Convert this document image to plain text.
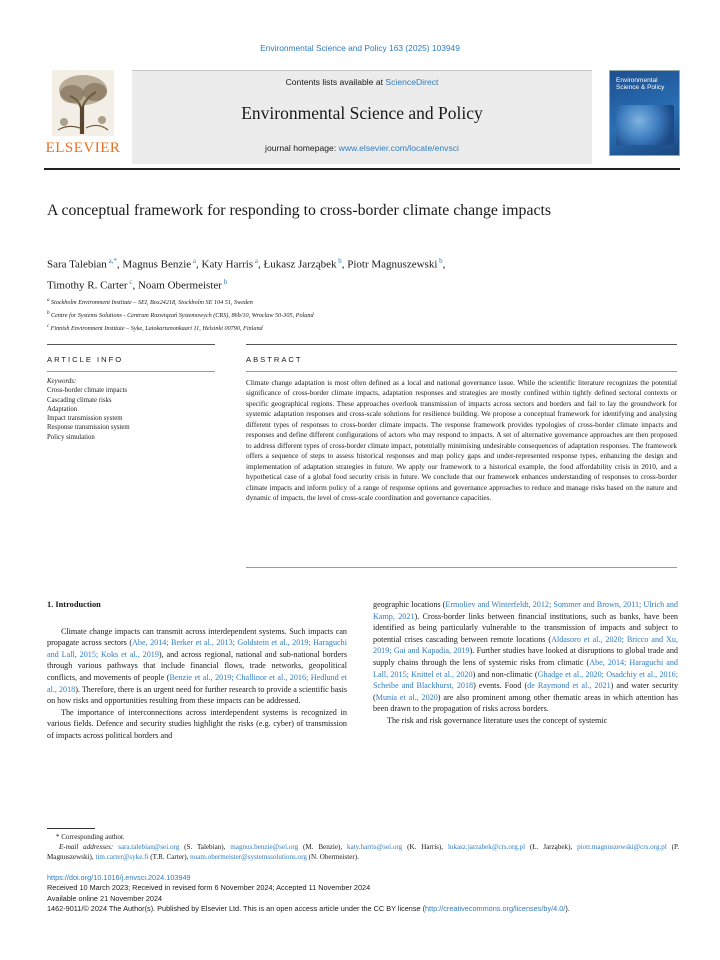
Environmental Science and Policy 163 (2025) 103949
ELSEVIER
Contents lists available at ScienceDirect
Environmental Science and Policy
journal homepage: www.elsevier.com/locate/envsci
Environmental Science & Policy
A conceptual framework for responding to cross-border climate change impacts
Sara Talebian $^{a,*}$, Magnus Benzie $^a$, Katy Harris $^a$, Łukasz Jarząbek $^b$, Piotr Magnuszewski $^b$,
Timothy R. Carter $^c$, Noam Obermeister $^b$
$^a$ Stockholm Environment Institute – SEI, Box24218, Stockholm SE 104 51, Sweden
$^b$ Centre for Systems Solutions - Centrum Rozwiązań Systemowych (CRS), 86b/10, Wroclaw 50-305, Poland
$^c$ Finnish Environment Institute – Syke, Latokartanonkaari 11, Helsinki 00790, Finland
ARTICLE INFO	ABSTRACT
Keywords:
Cross-border climate impacts
Cascading climate risks
Adaptation
Impact transmission system
Response transmission system
Policy simulation
Climate change adaptation is most often defined as a local and national governance issue. While the scientific literature recognizes the potential significance of cross-border climate impacts, adaptation responses and strategies are mostly confined within tightly defined sectoral contexts or specific geographical regions. These approaches overlook transmission of impacts across sectors and borders and fail to lay the groundwork for systemic adaptation responses and cross-scale solutions for resilience building. We propose a conceptual framework for identifying and analysing different types of responses to cross-border climate impacts. The response framework provides typologies of cross-border climate impacts and responses and define different configurations of actors who may respond to impacts. A set of alternative governance approaches are then proposed to address different types of cross-border climate impact, potentially minimising undesirable consequences of adaptation responses. The framework offers a sequence of steps to assess historical responses and map policy gaps and under-represented response types, enhancing the design and implementation of adaptation strategies in future. We apply our framework to a historical example, the food affordability crisis in 2010, and a hypothetical case of a global food security crisis in future. We conclude that our framework enhances understanding of responses to cross-border climate impacts and inform policy of a range of response options and governance approaches to reduce and manage risks based on the nature and dynamic of impacts, the level of cross-scale coordination and governance capacities.
1. Introduction
Climate change impacts can transmit across interdependent systems. Such impacts can propagate across sectors (Abe, 2014; Berker et al., 2013; Goldstein et al., 2019; Haraguchi and Lall, 2015; Koks et al., 2019), and across regional, national and sub-national borders through various pathways that include financial flows, trade networks, geopolitical conflicts, and movements of people (Benzie et al., 2019; Challinor et al., 2016; Hedlund et al., 2018). Therefore, there is an urgent need for further research to provide a scientific basis on how risks and opportunities resulting from these impacts can be addressed.
The importance of interconnections across interdependent systems is recognized in various fields. Defence and security studies highlight the risks (e.g. cyber) of transmission of impacts across political borders and
geographic locations (Ermoliev and Winterfeldt, 2012; Sommer and Brown, 2011; Ulrich and Kamp, 2021). Cross-border links between financial institutions, such as banks, have been identified as being particularly vulnerable to the transmission of impacts and subject to potential crises cascading between remote locations (Aldasoro et al., 2020; Bricco and Xu, 2019; Gai and Kapadia, 2019). Further studies have looked at disruptions to global trade and supply chains through the lens of systemic risks from climatic (Abe, 2014; Haraguchi and Lall, 2015; Knittel et al., 2020) and non-climatic (Ghadge et al., 2020; Osadchiy et al., 2016; Scheibe and Blackhurst, 2018) events. Food (de Raymond et al., 2021) and water security (Munia et al., 2020) are also prominent among other thematic areas in which attention has been drawn to the propagation of risks across borders.
The risk and risk governance literature uses the concept of systemic
* Corresponding author.
E-mail addresses: sara.talebian@sei.org (S. Talebian), magnus.benzie@sei.org (M. Benzie), katy.harris@sei.org (K. Harris), lukasz.jarzabek@crs.org.pl (Ł. Jarząbek), piotr.magnuszewski@crs.org.pl (P. Magnuszewski), tim.carter@syke.fi (T.R. Carter), noam.obermeister@systemssolutions.org (N. Obermeister).
https://doi.org/10.1016/j.envsci.2024.103949
Received 10 March 2023; Received in revised form 6 November 2024; Accepted 11 November 2024
Available online 21 November 2024
1462-9011/© 2024 The Author(s). Published by Elsevier Ltd. This is an open access article under the CC BY license (http://creativecommons.org/licenses/by/4.0/).
